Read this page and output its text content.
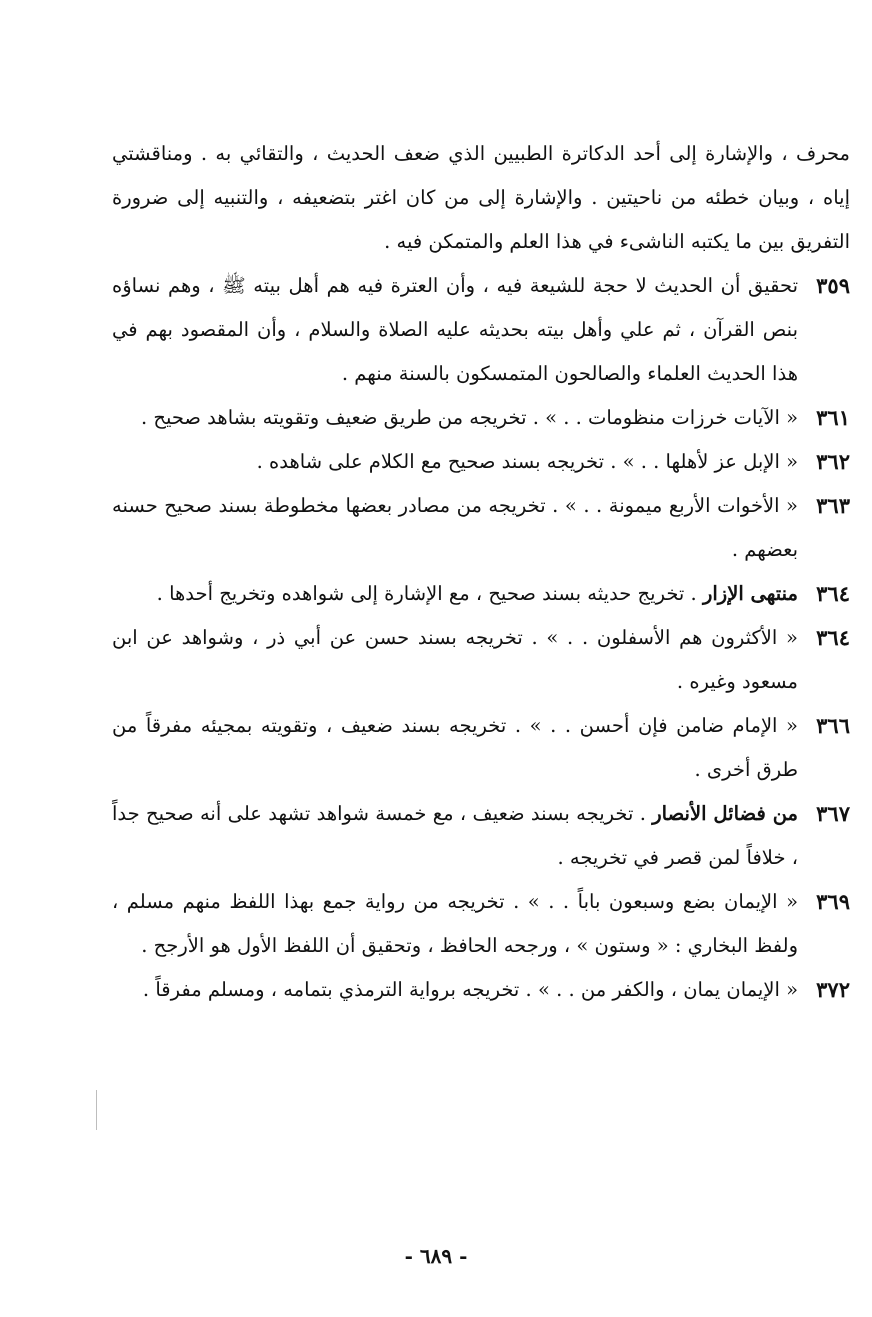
محرف ، والإشارة إلى أحد الدكاترة الطبيين الذي ضعف الحديث ، والتقائي به . ومناقشتي إياه ، وبيان خطئه من ناحيتين . والإشارة إلى من كان اغتر بتضعيفه ، والتنبيه إلى ضرورة التفريق بين ما يكتبه الناشىء في هذا العلم والمتمكن فيه .
٣٥٩
تحقيق أن الحديث لا حجة للشيعة فيه ، وأن العترة فيه هم أهل بيته ﷺ ، وهم نساؤه بنص القرآن ، ثم علي وأهل بيته بحديثه عليه الصلاة والسلام ، وأن المقصود بهم في هذا الحديث العلماء والصالحون المتمسكون بالسنة منهم .
٣٦١
« الآيات خرزات منظومات . . » . تخريجه من طريق ضعيف وتقويته بشاهد صحيح .
٣٦٢
« الإبل عز لأهلها . . » . تخريجه بسند صحيح مع الكلام على شاهده .
٣٦٣
« الأخوات الأربع ميمونة . . » . تخريجه من مصادر بعضها مخطوطة بسند صحيح حسنه بعضهم .
٣٦٤
منتهى الإزار . تخريج حديثه بسند صحيح ، مع الإشارة إلى شواهده وتخريج أحدها .
٣٦٤
« الأكثرون هم الأسفلون . . » . تخريجه بسند حسن عن أبي ذر ، وشواهد عن ابن مسعود وغيره .
٣٦٦
« الإمام ضامن فإن أحسن . . » . تخريجه بسند ضعيف ، وتقويته بمجيئه مفرقاً من طرق أخرى .
٣٦٧
من فضائل الأنصار . تخريجه بسند ضعيف ، مع خمسة شواهد تشهد على أنه صحيح جداً ، خلافاً لمن قصر في تخريجه .
٣٦٩
« الإيمان بضع وسبعون باباً . . » . تخريجه من رواية جمع بهذا اللفظ منهم مسلم ، ولفظ البخاري : « وستون » ، ورجحه الحافظ ، وتحقيق أن اللفظ الأول هو الأرجح .
٣٧٢
« الإيمان يمان ، والكفر من . . » . تخريجه برواية الترمذي بتمامه ، ومسلم مفرقاً .
- ٦٨٩ -
